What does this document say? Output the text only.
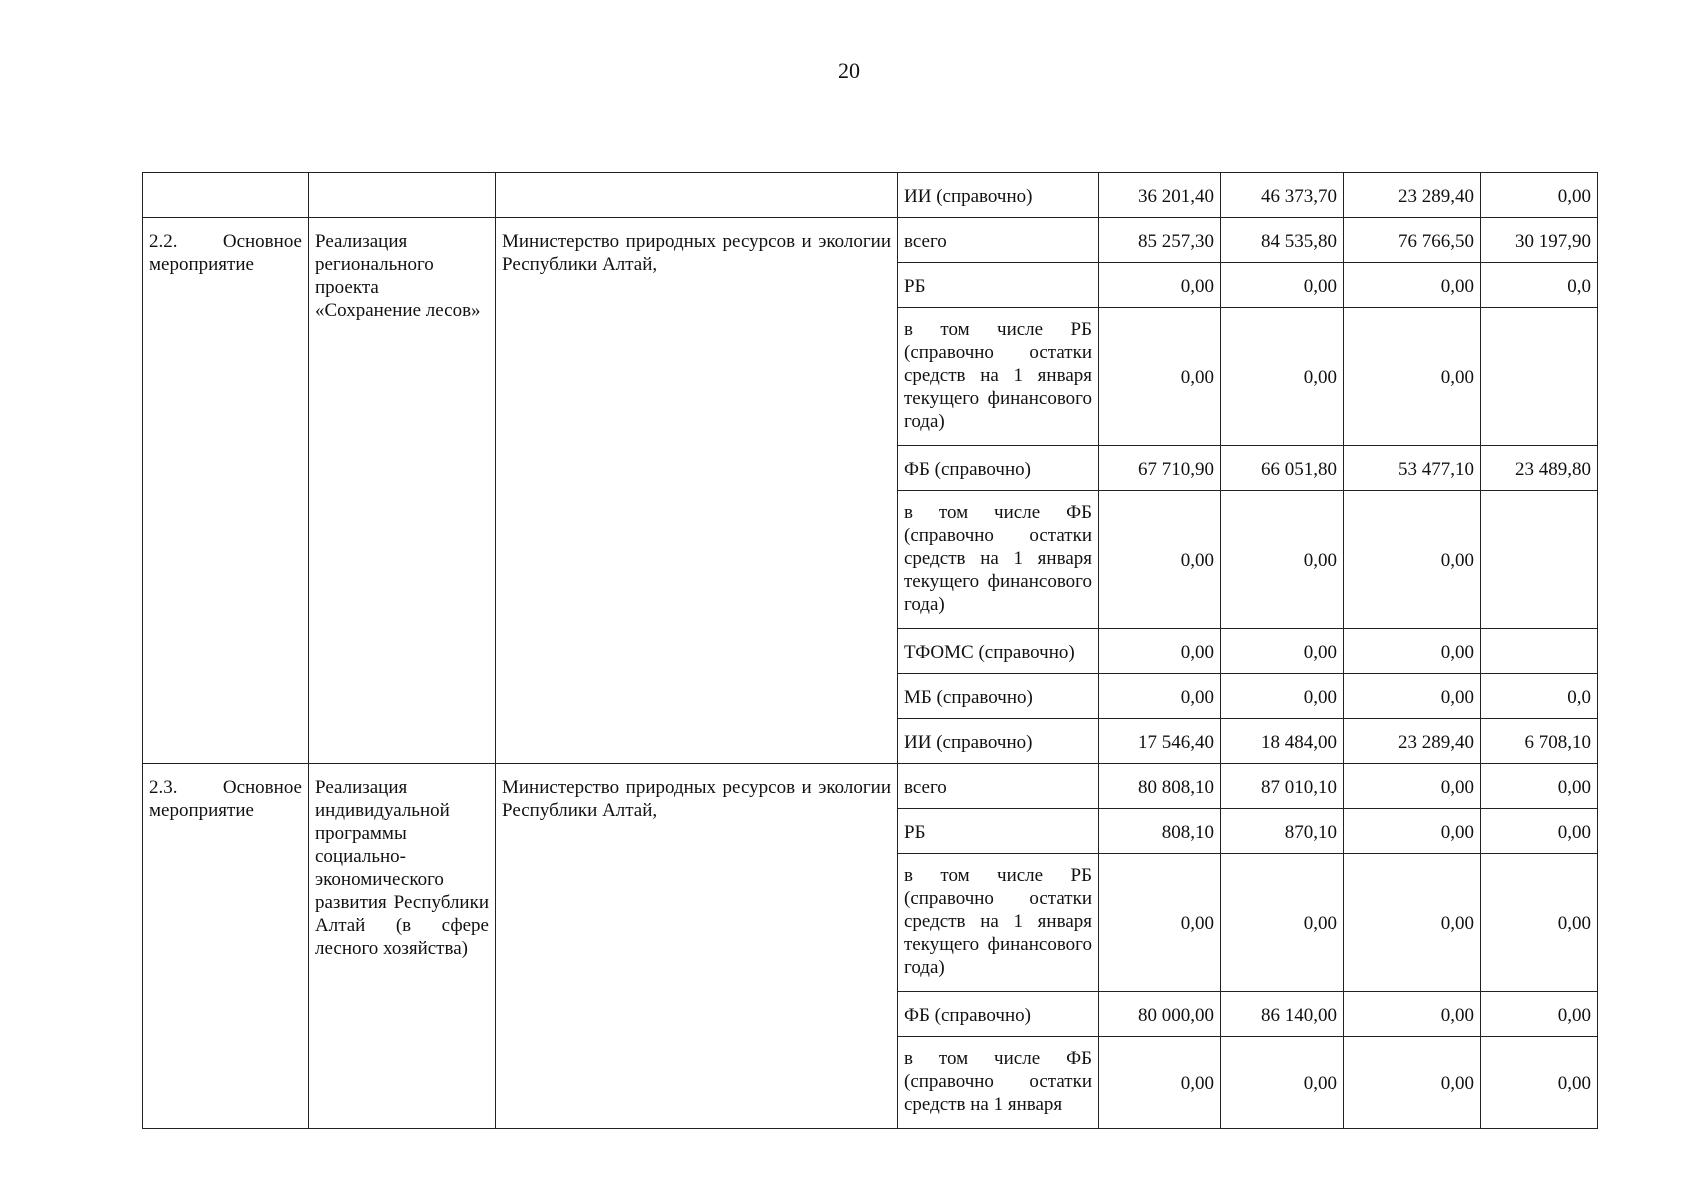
20
			ИИ (справочно)	36 201,40	46 373,70	23 289,40	0,00

2.2. Основное
мероприятие	Реализация регионального проекта «Сохранение лесов»	Министерство природных ресурсов и экологии Республики Алтай,	всего	85 257,30	84 535,80	76 766,50	30 197,90
			РБ	0,00	0,00	0,00	0,0
			в том числе РБ (справочно остатки средств на 1 января текущего финансового года)	0,00	0,00	0,00	
			ФБ (справочно)	67 710,90	66 051,80	53 477,10	23 489,80
			в том числе ФБ (справочно остатки средств на 1 января текущего финансового года)	0,00	0,00	0,00	
			ТФОМС (справочно)	0,00	0,00	0,00	
			МБ (справочно)	0,00	0,00	0,00	0,0
			ИИ (справочно)	17 546,40	18 484,00	23 289,40	6 708,10

2.3. Основное
мероприятие	Реализация индивидуальной программы социально-экономического развития Республики Алтай (в сфере лесного хозяйства)	Министерство природных ресурсов и экологии Республики Алтай,	всего	80 808,10	87 010,10	0,00	0,00
			РБ	808,10	870,10	0,00	0,00
			в том числе РБ (справочно остатки средств на 1 января текущего финансового года)	0,00	0,00	0,00	0,00
			ФБ (справочно)	80 000,00	86 140,00	0,00	0,00
			в том числе ФБ (справочно остатки средств на 1 января	0,00	0,00	0,00	0,00
